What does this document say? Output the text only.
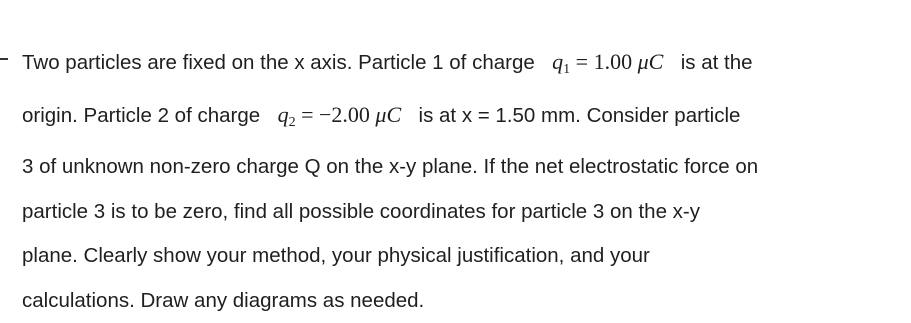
Two particles are fixed on the x axis. Particle 1 of charge $q_1 = 1.00$ μC is at the
origin. Particle 2 of charge $q_2 = -2.00$ μC is at x = 1.50 mm. Consider particle
3 of unknown non-zero charge Q on the x-y plane. If the net electrostatic force on
particle 3 is to be zero, find all possible coordinates for particle 3 on the x-y
plane. Clearly show your method, your physical justification, and your
calculations. Draw any diagrams as needed.
